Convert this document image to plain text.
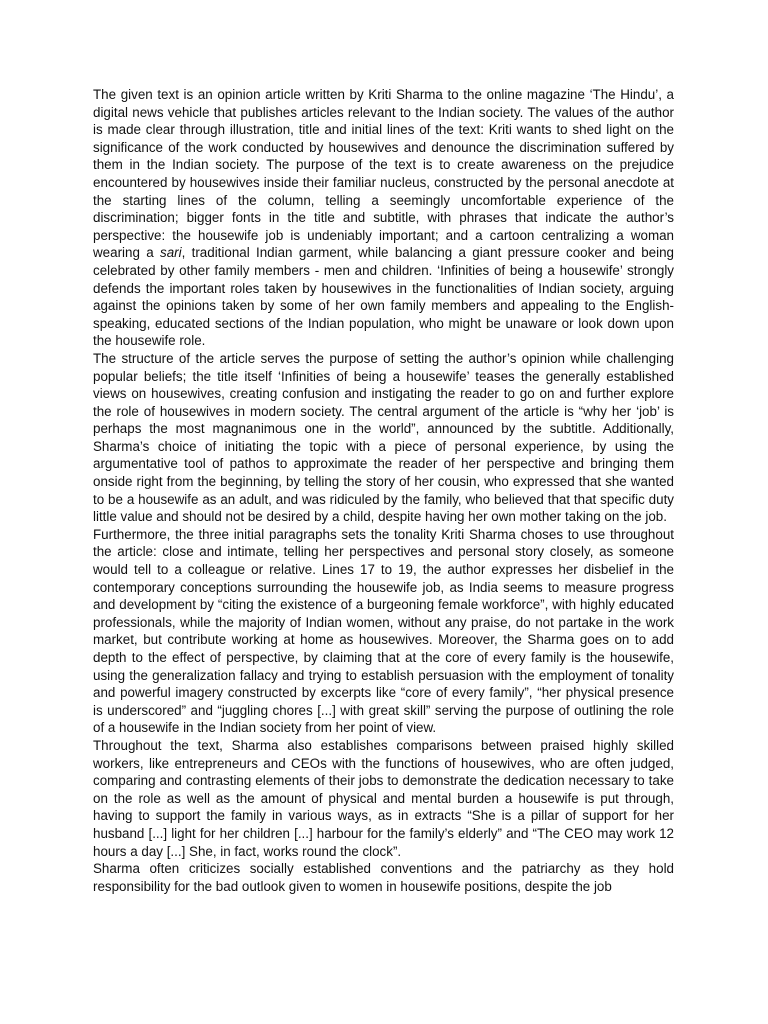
The given text is an opinion article written by Kriti Sharma to the online magazine ‘The Hindu’, a digital news vehicle that publishes articles relevant to the Indian society. The values of the author is made clear through illustration, title and initial lines of the text: Kriti wants to shed light on the significance of the work conducted by housewives and denounce the discrimination suffered by them in the Indian society. The purpose of the text is to create awareness on the prejudice encountered by housewives inside their familiar nucleus, constructed by the personal anecdote at the starting lines of the column, telling a seemingly uncomfortable experience of the discrimination; bigger fonts in the title and subtitle, with phrases that indicate the author’s perspective: the housewife job is undeniably important; and a cartoon centralizing a woman wearing a sari, traditional Indian garment, while balancing a giant pressure cooker and being celebrated by other family members - men and children. ‘Infinities of being a housewife’ strongly defends the important roles taken by housewives in the functionalities of Indian society, arguing against the opinions taken by some of her own family members and appealing to the English-speaking, educated sections of the Indian population, who might be unaware or look down upon the housewife role.

The structure of the article serves the purpose of setting the author’s opinion while challenging popular beliefs; the title itself ‘Infinities of being a housewife’ teases the generally established views on housewives, creating confusion and instigating the reader to go on and further explore the role of housewives in modern society. The central argument of the article is “why her ‘job’ is perhaps the most magnanimous one in the world”, announced by the subtitle. Additionally, Sharma’s choice of initiating the topic with a piece of personal experience, by using the argumentative tool of pathos to approximate the reader of her perspective and bringing them onside right from the beginning, by telling the story of her cousin, who expressed that she wanted to be a housewife as an adult, and was ridiculed by the family, who believed that that specific duty little value and should not be desired by a child, despite having her own mother taking on the job.

Furthermore, the three initial paragraphs sets the tonality Kriti Sharma choses to use throughout the article: close and intimate, telling her perspectives and personal story closely, as someone would tell to a colleague or relative. Lines 17 to 19, the author expresses her disbelief in the contemporary conceptions surrounding the housewife job, as India seems to measure progress and development by “citing the existence of a burgeoning female workforce”, with highly educated professionals, while the majority of Indian women, without any praise, do not partake in the work market, but contribute working at home as housewives. Moreover, the Sharma goes on to add depth to the effect of perspective, by claiming that at the core of every family is the housewife, using the generalization fallacy and trying to establish persuasion with the employment of tonality and powerful imagery constructed by excerpts like “core of every family”, “her physical presence is underscored” and “juggling chores [...] with great skill” serving the purpose of outlining the role of a housewife in the Indian society from her point of view.

Throughout the text, Sharma also establishes comparisons between praised highly skilled workers, like entrepreneurs and CEOs with the functions of housewives, who are often judged, comparing and contrasting elements of their jobs to demonstrate the dedication necessary to take on the role as well as the amount of physical and mental burden a housewife is put through, having to support the family in various ways, as in extracts “She is a pillar of support for her husband [...] light for her children [...] harbour for the family’s elderly” and “The CEO may work 12 hours a day [...] She, in fact, works round the clock”.

Sharma often criticizes socially established conventions and the patriarchy as they hold responsibility for the bad outlook given to women in housewife positions, despite the job
